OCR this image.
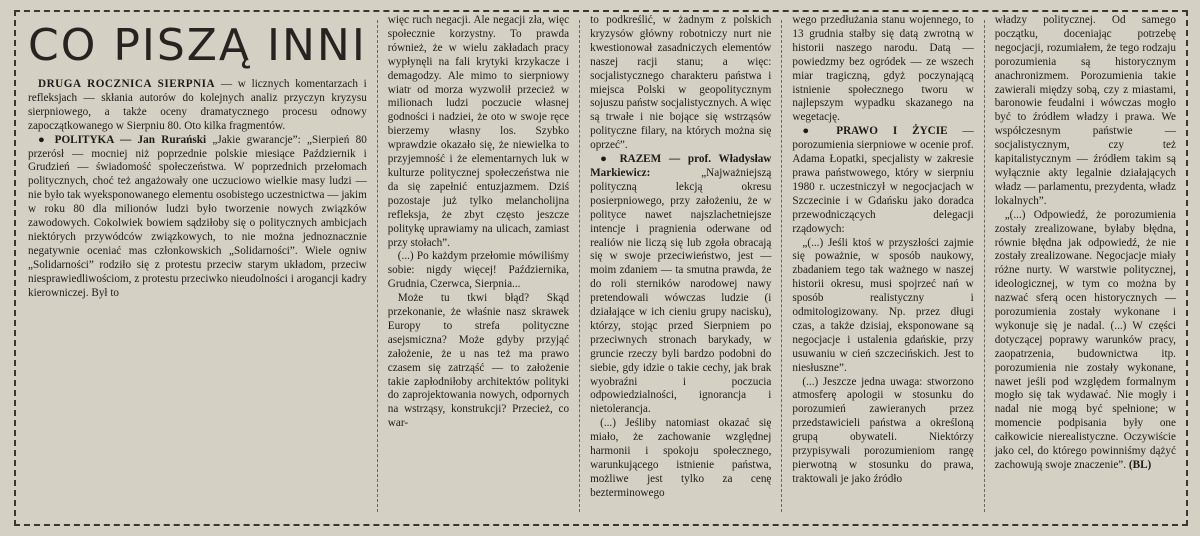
CO PISZĄ INNI

DRUGA ROCZNICA SIERPNIA — w licznych komentarzach i refleksjach — skłania autorów do kolejnych analiz przyczyn kryzysu sierpniowego, a także oceny dramatycznego procesu odnowy zapoczątkowanego w Sierpniu 80. Oto kilka fragmentów.

● POLITYKA — Jan Rurański „Jakie gwarancje”: „Sierpień 80 przerósł — mocniej niż poprzednie polskie miesiące Październik i Grudzień — świadomość społeczeństwa. W poprzednich przełomach politycznych, choć też angażowały one uczuciowo wielkie masy ludzi — nie było tak wyeksponowanego elementu osobistego uczestnictwa — jakim w roku 80 dla milionów ludzi było tworzenie nowych związków zawodowych. Cokolwiek bowiem sądziłoby się o politycznych ambicjach niektórych przywódców związkowych, to nie można jednoznacznie negatywnie oceniać mas członkowskich „Solidarności”. Wiele ogniw „Solidarności” rodziło się z protestu przeciw starym układom, przeciw niesprawiedliwościom, z protestu przeciwko nieudolności i arogancji kadry kierowniczej. Był to

więc ruch negacji. Ale negacji zła, więc społecznie korzystny. To prawda również, że w wielu zakładach pracy wypłynęli na fali krytyki krzykacze i demagodzy. Ale mimo to sierpniowy wiatr od morza wyzwolił przecież w milionach ludzi poczucie własnej godności i nadziei, że oto w swoje ręce bierzemy własny los. Szybko wprawdzie okazało się, że niewielka to przyjemność i że elementarnych luk w kulturze politycznej społeczeństwa nie da się zapełnić entuzjazmem. Dziś pozostaje już tylko melancholijna refleksja, że zbyt często jeszcze politykę uprawiamy na ulicach, zamiast przy stołach”.

(...) Po każdym przełomie mówiliśmy sobie: nigdy więcej! Października, Grudnia, Czerwca, Sierpnia...

Może tu tkwi błąd? Skąd przekonanie, że właśnie nasz skrawek Europy to strefa polityczne asejsmiczna? Może gdyby przyjąć założenie, że u nas też ma prawo czasem się zatrząść — to założenie takie zapłodniłoby architektów polityki do zaprojektowania nowych, odpornych na wstrząsy, konstrukcji? Przecież, co war-

to podkreślić, w żadnym z polskich kryzysów główny robotniczy nurt nie kwestionował zasadniczych elementów naszej racji stanu; a więc: socjalistycznego charakteru państwa i miejsca Polski w geopolitycznym sojuszu państw socjalistycznych. A więc są trwałe i nie bojące się wstrząsów polityczne filary, na których można się oprzeć”.

● RAZEM — prof. Władysław Markiewicz: „Najważniejszą polityczną lekcją okresu posierpniowego, przy założeniu, że w polityce nawet najszlachetniejsze intencje i pragnienia oderwane od realiów nie liczą się lub zgoła obracają się w swoje przeciwieństwo, jest — moim zdaniem — ta smutna prawda, że do roli sterników narodowej nawy pretendowali wówczas ludzie (i działające w ich cieniu grupy nacisku), którzy, stojąc przed Sierpniem po przeciwnych stronach barykady, w gruncie rzeczy byli bardzo podobni do siebie, gdy idzie o takie cechy, jak brak wyobraźni i poczucia odpowiedzialności, ignorancja i nietolerancja.

(...) Jeśliby natomiast okazać się miało, że zachowanie względnej harmonii i spokoju społecznego, warunkującego istnienie państwa, możliwe jest tylko za cenę bezterminowego

wego przedłużania stanu wojennego, to 13 grudnia stałby się datą zwrotną w historii naszego narodu. Datą — powiedzmy bez ogródek — ze wszech miar tragiczną, gdyż poczynającą istnienie społecznego tworu w najlepszym wypadku skazanego na wegetację.

● PRAWO I ŻYCIE — porozumienia sierpniowe w ocenie prof. Adama Łopatki, specjalisty w zakresie prawa państwowego, który w sierpniu 1980 r. uczestniczył w negocjacjach w Szczecinie i w Gdańsku jako doradca przewodniczących delegacji rządowych:

„(...) Jeśli ktoś w przyszłości zajmie się poważnie, w sposób naukowy, zbadaniem tego tak ważnego w naszej historii okresu, musi spojrzeć nań w sposób realistyczny i odmitologizowany. Np. przez długi czas, a także dzisiaj, eksponowane są negocjacje i ustalenia gdańskie, przy usuwaniu w cień szczecińskich. Jest to niesłuszne”.

(...) Jeszcze jedna uwaga: stworzono atmosferę apologii w stosunku do porozumień zawieranych przez przedstawicieli państwa a określoną grupą obywateli. Niektórzy przypisywali porozumieniom rangę pierwotną w stosunku do prawa, traktowali je jako źródło

władzy politycznej. Od samego początku, doceniając potrzebę negocjacji, rozumiałem, że tego rodzaju porozumienia są historycznym anachronizmem. Porozumienia takie zawierali między sobą, czy z miastami, baronowie feudalni i wówczas mogło być to źródłem władzy i prawa. We współczesnym państwie — socjalistycznym, czy też kapitalistycznym — źródłem takim są wyłącznie akty legalnie działających władz — parlamentu, prezydenta, władz lokalnych”.

„(...) Odpowiedź, że porozumienia zostały zrealizowane, byłaby błędna, równie błędna jak odpowiedź, że nie zostały zrealizowane. Negocjacje miały różne nurty. W warstwie politycznej, ideologicznej, w tym co można by nazwać sferą ocen historycznych — porozumienia zostały wykonane i wykonuje się je nadal. (...) W części dotyczącej poprawy warunków pracy, zaopatrzenia, budownictwa itp. porozumienia nie zostały wykonane, nawet jeśli pod względem formalnym mogło się tak wydawać. Nie mogły i nadal nie mogą być spełnione; w momencie podpisania były one całkowicie nierealistyczne. Oczywiście jako cel, do którego powinniśmy dążyć zachowują swoje znaczenie”. (BL)
